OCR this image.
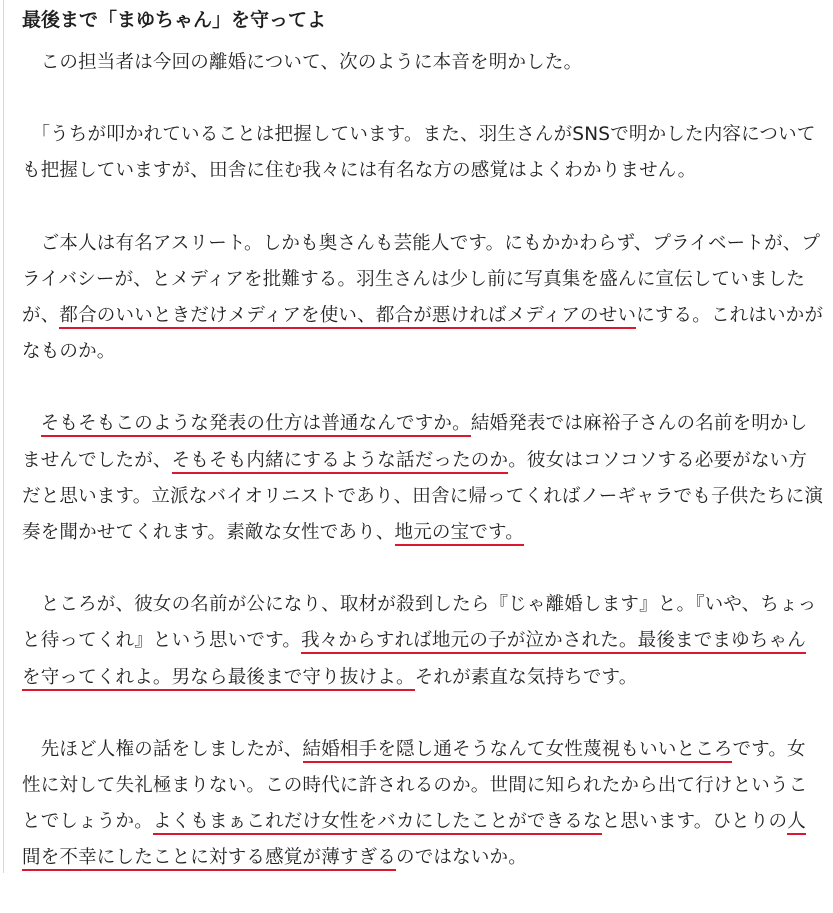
最後まで「まゆちゃん」を守ってよ

　この担当者は今回の離婚について、次のように本音を明かした。

　「うちが叩かれていることは把握しています。また、羽生さんがSNSで明かした内容についても把握していますが、田舎に住む我々には有名な方の感覚はよくわかりません。

　ご本人は有名アスリート。しかも奥さんも芸能人です。にもかかわらず、プライベートが、プライバシーが、とメディアを批難する。羽生さんは少し前に写真集を盛んに宣伝していましたが、都合のいいときだけメディアを使い、都合が悪ければメディアのせいにする。これはいかがなものか。

　そもそもこのような発表の仕方は普通なんですか。結婚発表では麻裕子さんの名前を明かしませんでしたが、そもそも内緒にするような話だったのか。彼女はコソコソする必要がない方だと思います。立派なバイオリニストであり、田舎に帰ってくればノーギャラでも子供たちに演奏を聞かせてくれます。素敵な女性であり、地元の宝です。

　ところが、彼女の名前が公になり、取材が殺到したら『じゃ離婚します』と。『いや、ちょっと待ってくれ』という思いです。我々からすれば地元の子が泣かされた。最後までまゆちゃんを守ってくれよ。男なら最後まで守り抜けよ。それが素直な気持ちです。

　先ほど人権の話をしましたが、結婚相手を隠し通そうなんて女性蔑視もいいところです。女性に対して失礼極まりない。この時代に許されるのか。世間に知られたから出て行けということでしょうか。よくもまぁこれだけ女性をバカにしたことができるなと思います。ひとりの人間を不幸にしたことに対する感覚が薄すぎるのではないか。
